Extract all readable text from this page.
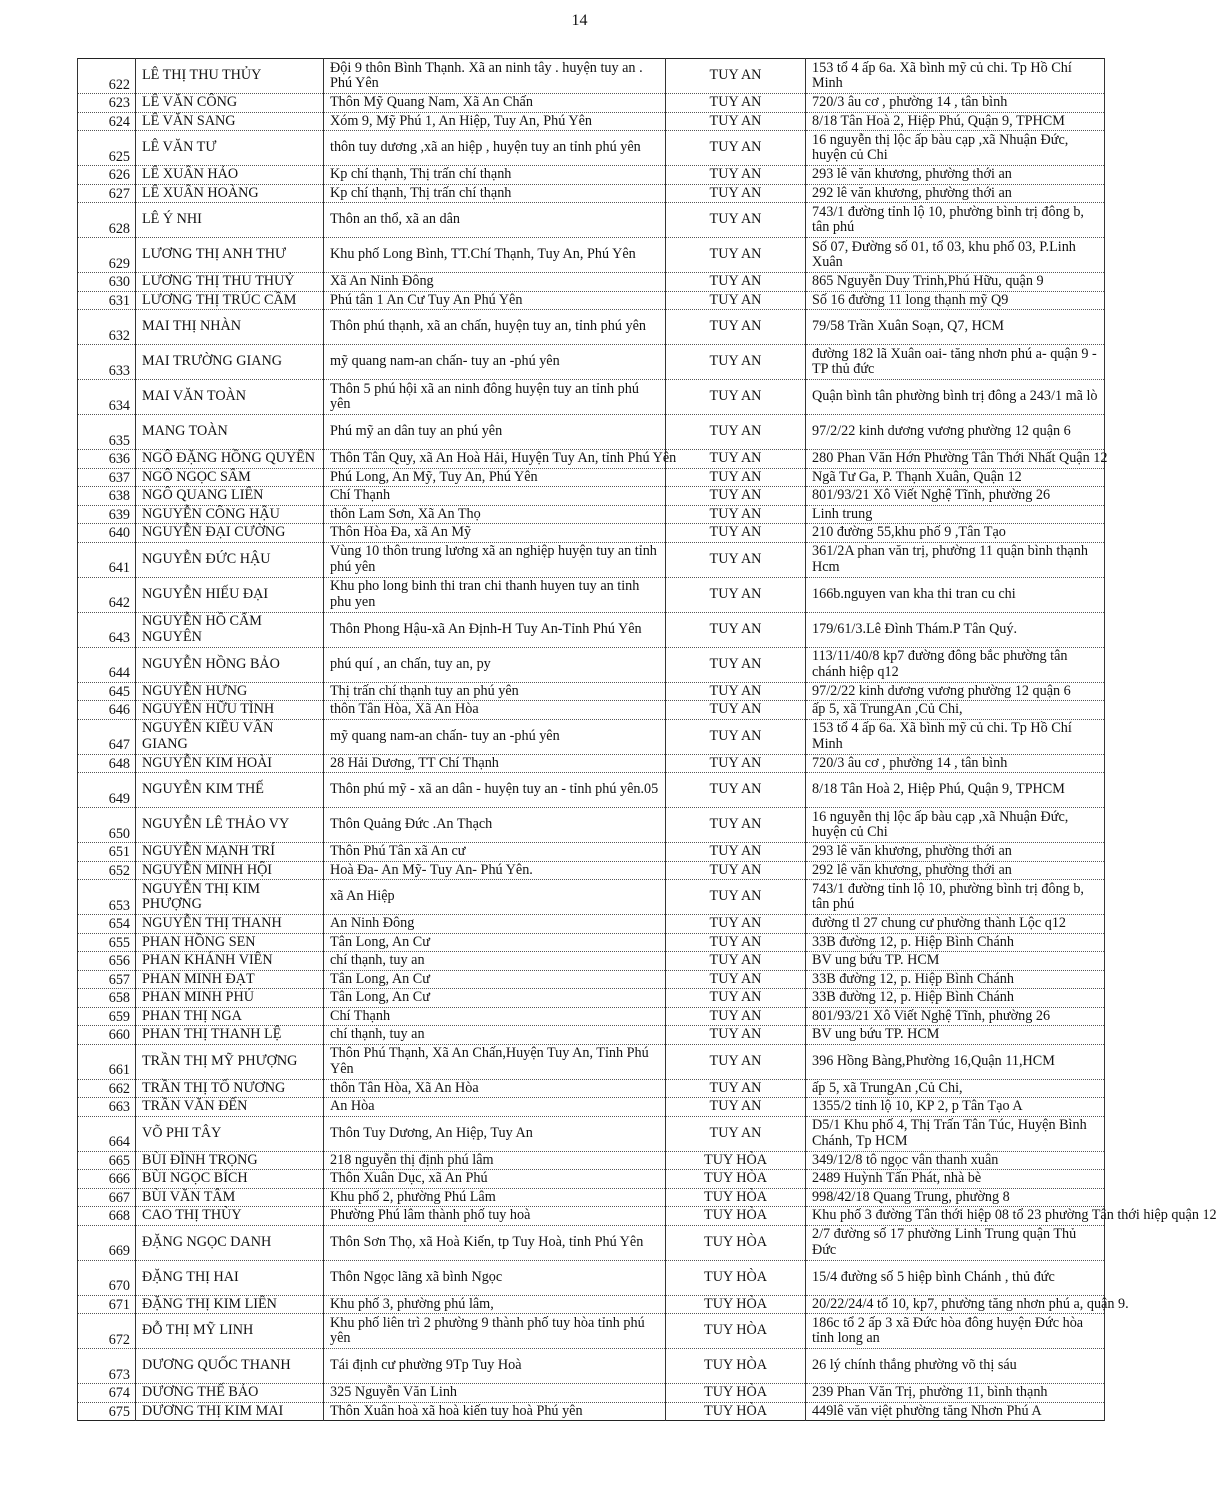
14
622	LÊ THỊ THU THỦY	Đội 9 thôn Bình Thạnh. Xã an ninh tây . huyện tuy an . Phú Yên	TUY AN	153 tổ 4 ấp 6a. Xã bình mỹ củ chi. Tp Hồ Chí Minh
623	LÊ VĂN CÔNG	Thôn Mỹ Quang Nam, Xã An Chấn	TUY AN	720/3 âu cơ , phường 14 , tân bình
624	LÊ VĂN SANG	Xóm 9, Mỹ Phú 1, An Hiệp, Tuy An, Phú Yên	TUY AN	8/18 Tân Hoà 2, Hiệp Phú, Quận 9, TPHCM
625	LÊ VĂN TƯ	thôn tuy dương ,xã an hiệp , huyện tuy an tỉnh phú yên	TUY AN	16 nguyễn thị lộc ấp bàu cạp ,xã Nhuận Đức, huyện củ Chi
626	LÊ XUÂN HẢO	Kp chí thạnh, Thị trấn chí thạnh	TUY AN	293 lê văn khương, phường thới an
627	LÊ XUÂN HOÀNG	Kp chí thạnh, Thị trấn chí thạnh	TUY AN	292 lê văn khương, phường thới an
628	LÊ Ý NHI	Thôn an thổ, xã an dân	TUY AN	743/1 đường tỉnh lộ 10, phường bình trị đông b, tân phú
629	LƯƠNG THỊ ANH THƯ	Khu phố Long Bình, TT.Chí Thạnh, Tuy An, Phú Yên	TUY AN	Số 07, Đường số 01, tổ 03, khu phố 03, P.Linh Xuân
630	LƯƠNG THỊ THU THUỶ	Xã An Ninh Đông	TUY AN	865 Nguyễn Duy Trinh,Phú Hữu, quận 9
631	LƯƠNG THỊ TRÚC CẦM	Phú tân 1 An Cư Tuy An Phú Yên	TUY AN	Số 16 đường 11 long thạnh mỹ Q9
632	MAI THỊ NHÀN	Thôn phú thạnh, xã an chấn, huyện tuy an, tỉnh phú yên	TUY AN	79/58 Trần Xuân Soạn, Q7, HCM
633	MAI TRƯỜNG GIANG	mỹ quang nam-an chấn- tuy an -phú yên	TUY AN	đường 182 lã Xuân oai- tăng nhơn phú a- quận 9 -TP thủ đức
634	MAI VĂN TOÀN	Thôn 5 phú hội xã an ninh đông huyện tuy an tỉnh phú yên	TUY AN	Quận bình tân phường bình trị đông a 243/1 mã lò
635	MANG TOÀN	Phú mỹ an dân tuy an phú yên	TUY AN	97/2/22 kinh dương vương phường 12 quận 6
636	NGÔ ĐẶNG HỒNG QUYÊN	Thôn Tân Quy, xã An Hoà Hải, Huyện Tuy An, tỉnh Phú Yên	TUY AN	280 Phan Văn Hớn Phường Tân Thới Nhất Quận 12
637	NGÔ NGỌC SÂM	Phú Long, An Mỹ, Tuy An, Phú Yên	TUY AN	Ngã Tư Ga, P. Thạnh Xuân, Quận 12
638	NGÔ QUANG LIÊN	Chí Thạnh	TUY AN	801/93/21 Xô Viết Nghệ Tĩnh, phường 26
639	NGUYỄN CÔNG HẬU	thôn Lam Sơn, Xã An Thọ	TUY AN	Linh trung
640	NGUYỄN ĐẠI CƯỜNG	Thôn Hòa Đa, xã An Mỹ	TUY AN	210 đường 55,khu phố 9 ,Tân Tạo
641	NGUYỄN ĐỨC HẬU	Vùng 10 thôn trung lương xã an nghiệp huyện tuy an tỉnh phú yên	TUY AN	361/2A phan văn trị, phường 11 quận bình thạnh Hcm
642	NGUYỄN HIẾU ĐẠI	Khu pho long binh thi tran chi thanh huyen tuy an tinh phu yen	TUY AN	166b.nguyen van kha thi tran cu chi
643	NGUYỄN HỒ CẨM NGUYÊN	Thôn Phong Hậu-xã An Định-H Tuy An-Tỉnh Phú Yên	TUY AN	179/61/3.Lê Đình Thám.P Tân Quý.
644	NGUYỄN HỒNG BẢO	phú quí , an chấn, tuy an, py	TUY AN	113/11/40/8 kp7 đường đông bắc phường tân chánh hiệp q12
645	NGUYỄN HƯNG	Thị trấn chí thạnh tuy an phú yên	TUY AN	97/2/22 kinh dương vương phường 12 quận 6
646	NGUYỄN HỮU TÌNH	thôn Tân Hòa, Xã An Hòa	TUY AN	ấp 5, xã TrungAn ,Củ Chi,
647	NGUYỄN KIỀU VÂN GIANG	mỹ quang nam-an chấn- tuy an -phú yên	TUY AN	153 tổ 4 ấp 6a. Xã bình mỹ củ chi. Tp Hồ Chí Minh
648	NGUYỄN KIM HOÀI	28 Hải Dương, TT Chí Thạnh	TUY AN	720/3 âu cơ , phường 14 , tân bình
649	NGUYỄN KIM THẾ	Thôn phú mỹ - xã an dân - huyện tuy an - tỉnh phú yên.05	TUY AN	8/18 Tân Hoà 2, Hiệp Phú, Quận 9, TPHCM
650	NGUYỄN LÊ THẢO VY	Thôn Quảng Đức .An Thạch	TUY AN	16 nguyễn thị lộc ấp bàu cạp ,xã Nhuận Đức, huyện củ Chi
651	NGUYỄN MẠNH TRÍ	Thôn Phú Tân xã An cư	TUY AN	293 lê văn khương, phường thới an
652	NGUYỄN MINH HỘI	Hoà Đa- An Mỹ- Tuy An- Phú Yên.	TUY AN	292 lê văn khương, phường thới an
653	NGUYỄN THỊ KIM PHƯỢNG	xã An Hiệp	TUY AN	743/1 đường tỉnh lộ 10, phường bình trị đông b, tân phú
654	NGUYỄN THỊ THANH	An Ninh Đông	TUY AN	đường tl 27 chung cư phường thành Lộc q12
655	PHAN HỒNG SEN	Tân Long, An Cư	TUY AN	33B đường 12, p. Hiệp Bình Chánh
656	PHAN KHÁNH VIÊN	chí thạnh, tuy an	TUY AN	BV ung bứu TP. HCM
657	PHAN MINH ĐẠT	Tân Long, An Cư	TUY AN	33B đường 12, p. Hiệp Bình Chánh
658	PHAN MINH PHÚ	Tân Long, An Cư	TUY AN	33B đường 12, p. Hiệp Bình Chánh
659	PHAN THỊ NGA	Chí Thạnh	TUY AN	801/93/21 Xô Viết Nghệ Tĩnh, phường 26
660	PHAN THỊ THANH LỆ	chí thạnh, tuy an	TUY AN	BV ung bứu TP. HCM
661	TRẦN THỊ MỸ PHƯỢNG	Thôn Phú Thạnh, Xã An Chấn,Huyện Tuy An, Tỉnh Phú Yên	TUY AN	396 Hồng Bàng,Phường 16,Quận 11,HCM
662	TRẦN THỊ TỐ NƯƠNG	thôn Tân Hòa, Xã An Hòa	TUY AN	ấp 5, xã TrungAn ,Củ Chi,
663	TRẦN VĂN ĐẾN	An Hòa	TUY AN	1355/2 tỉnh lộ 10, KP 2, p Tân Tạo A
664	VÕ PHI TÂY	Thôn Tuy Dương, An Hiệp, Tuy An	TUY AN	D5/1 Khu phố 4, Thị Trấn Tân Túc, Huyện Bình Chánh, Tp HCM
665	BÙI ĐÌNH TRỌNG	218 nguyễn thị định phú lâm	TUY HÒA	349/12/8 tô ngọc vân thanh xuân
666	BÙI NGỌC BÍCH	Thôn Xuân Dục, xã An Phú	TUY HÒA	2489 Huỳnh Tấn Phát, nhà bè
667	BÙI VĂN TÂM	Khu phố 2, phường Phú Lâm	TUY HÒA	998/42/18 Quang Trung, phường 8
668	CAO THỊ THÙY	Phường Phú lâm thành phố tuy hoà	TUY HÒA	Khu phố 3 đường Tân thới hiệp 08 tổ 23 phường Tân thới hiệp quận 12
669	ĐẶNG NGỌC DANH	Thôn Sơn Thọ, xã Hoà Kiến, tp Tuy Hoà, tỉnh Phú Yên	TUY HÒA	2/7 đường số 17 phường Linh Trung quận Thủ Đức
670	ĐẶNG THỊ HAI	Thôn Ngọc lãng xã bình Ngọc	TUY HÒA	15/4 đường số 5 hiệp bình Chánh , thủ đức
671	ĐẶNG THỊ KIM LIÊN	Khu phố 3, phường phú lâm,	TUY HÒA	20/22/24/4 tổ 10, kp7, phường tăng nhơn phú a, quận 9.
672	ĐỖ THỊ MỸ LINH	Khu phố liên trì 2 phường 9 thành phố tuy hòa tỉnh phú yên	TUY HÒA	186c tổ 2 ấp 3 xã Đức hòa đông huyện Đức hòa tỉnh long an
673	DƯƠNG QUỐC THANH	Tái định cư phường 9Tp Tuy Hoà	TUY HÒA	26 lý chính thắng phường võ thị sáu
674	DƯƠNG THẾ BẢO	325 Nguyễn Văn Linh	TUY HÒA	239 Phan Văn Trị, phường 11, bình thạnh
675	DƯƠNG THỊ KIM MAI	Thôn Xuân hoà xã hoà kiến tuy hoà Phú yên	TUY HÒA	449lê văn việt phường tăng Nhơn Phú A
